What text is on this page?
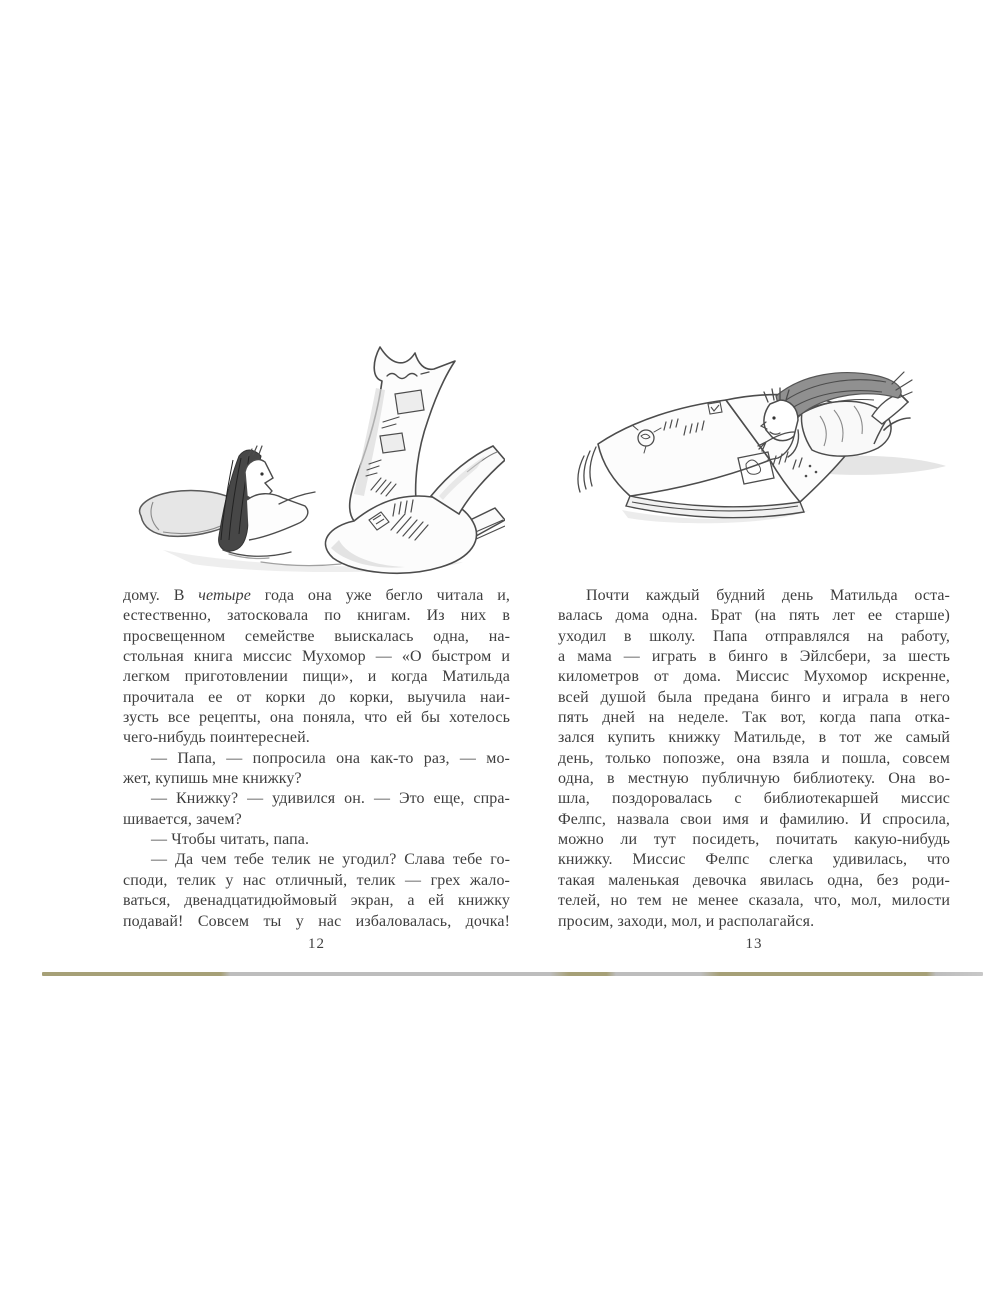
дому. В четыре года она уже бегло читала и,
естественно, затосковала по книгам. Из них в
просвещенном семействе выискалась одна, на-
стольная книга миссис Мухомор — «О быстром и
легком приготовлении пищи», и когда Матильда
прочитала ее от корки до корки, выучила наи-
зусть все рецепты, она поняла, что ей бы хотелось
чего-нибудь поинтересней.
— Папа, — попросила она как-то раз, — мо-
жет, купишь мне книжку?
— Книжку? — удивился он. — Это еще, спра-
шивается, зачем?
— Чтобы читать, папа.
— Да чем тебе телик не угодил? Слава тебе го-
споди, телик у нас отличный, телик — грех жало-
ваться, двенадцатидюймовый экран, а ей книжку
подавай! Совсем ты у нас избаловалась, дочка!
Почти каждый будний день Матильда оста-
валась дома одна. Брат (на пять лет ее старше)
уходил в школу. Папа отправлялся на работу,
а мама — играть в бинго в Эйлсбери, за шесть
километров от дома. Миссис Мухомор искренне,
всей душой была предана бинго и играла в него
пять дней на неделе. Так вот, когда папа отка-
зался купить книжку Матильде, в тот же самый
день, только попозже, она взяла и пошла, совсем
одна, в местную публичную библиотеку. Она во-
шла, поздоровалась с библиотекаршей миссис
Фелпс, назвала свои имя и фамилию. И спросила,
можно ли тут посидеть, почитать какую-нибудь
книжку. Миссис Фелпс слегка удивилась, что
такая маленькая девочка явилась одна, без роди-
телей, но тем не менее сказала, что, мол, милости
просим, заходи, мол, и располагайся.
12	13
